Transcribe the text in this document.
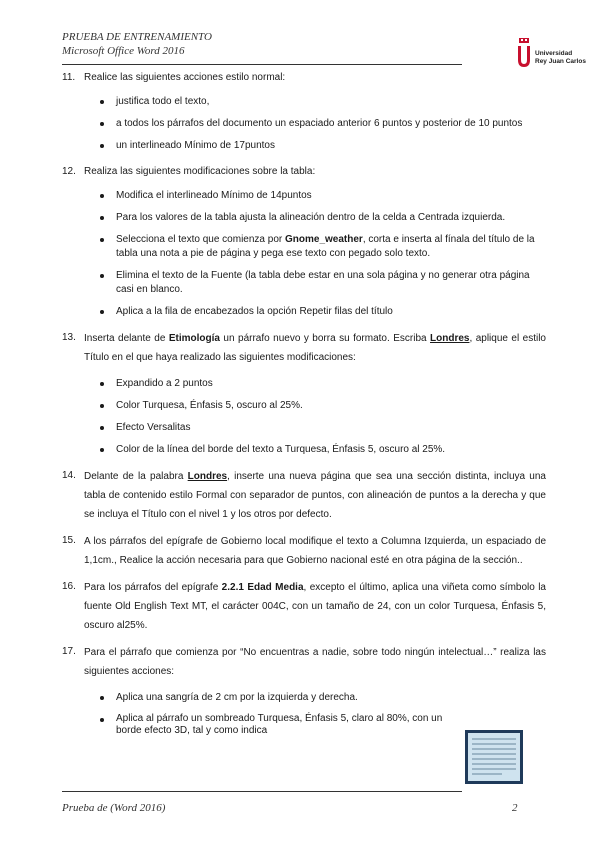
PRUEBA DE ENTRENAMIENTO
Microsoft Office Word 2016	Universidad
Rey Juan Carlos
11. Realice las siguientes acciones estilo normal:
justifica todo el texto,
a todos los párrafos del documento un espaciado anterior 6 puntos y posterior de 10 puntos
un interlineado Mínimo de 17puntos
12. Realiza las siguientes modificaciones sobre la tabla:
Modifica el interlineado Mínimo de 14puntos
Para los valores de la tabla ajusta la alineación dentro de la celda a Centrada izquierda.
Selecciona el texto que comienza por Gnome_weather, corta e inserta al fínala del título de la tabla una nota a pie de página y pega ese texto con pegado solo texto.
Elimina el texto de la Fuente (la tabla debe estar en una sola página y no generar otra página casi en blanco.
Aplica a la fila de encabezados la opción Repetir filas del título
13. Inserta delante de Etimología un párrafo nuevo y borra su formato. Escriba Londres, aplique el estilo Título en el que haya realizado las siguientes modificaciones:
Expandido a 2 puntos
Color Turquesa, Énfasis 5, oscuro al 25%.
Efecto Versalitas
Color de la línea del borde del texto a Turquesa, Énfasis 5, oscuro al 25%.
14. Delante de la palabra Londres, inserte una nueva página que sea una sección distinta, incluya una tabla de contenido estilo Formal con separador de puntos, con alineación de puntos a la derecha y que se incluya el Título con el nivel 1 y los otros por defecto.
15. A los párrafos del epígrafe de Gobierno local modifique el texto a Columna Izquierda, un espaciado de 1,1cm., Realice la acción necesaria para que Gobierno nacional esté en otra página de la sección..
16. Para los párrafos del epígrafe 2.2.1 Edad Media, excepto el último, aplica una viñeta como símbolo la fuente Old English Text MT, el carácter 004C, con un tamaño de 24, con un color Turquesa, Énfasis 5, oscuro al25%.
17. Para el párrafo que comienza por “No encuentras a nadie, sobre todo ningún intelectual…” realiza las siguientes acciones:
Aplica una sangría de 2 cm por la izquierda y derecha.
Aplica al párrafo un sombreado Turquesa, Énfasis 5, claro al 80%, con un borde efecto 3D, tal y como indica
Prueba de (Word 2016)	2
